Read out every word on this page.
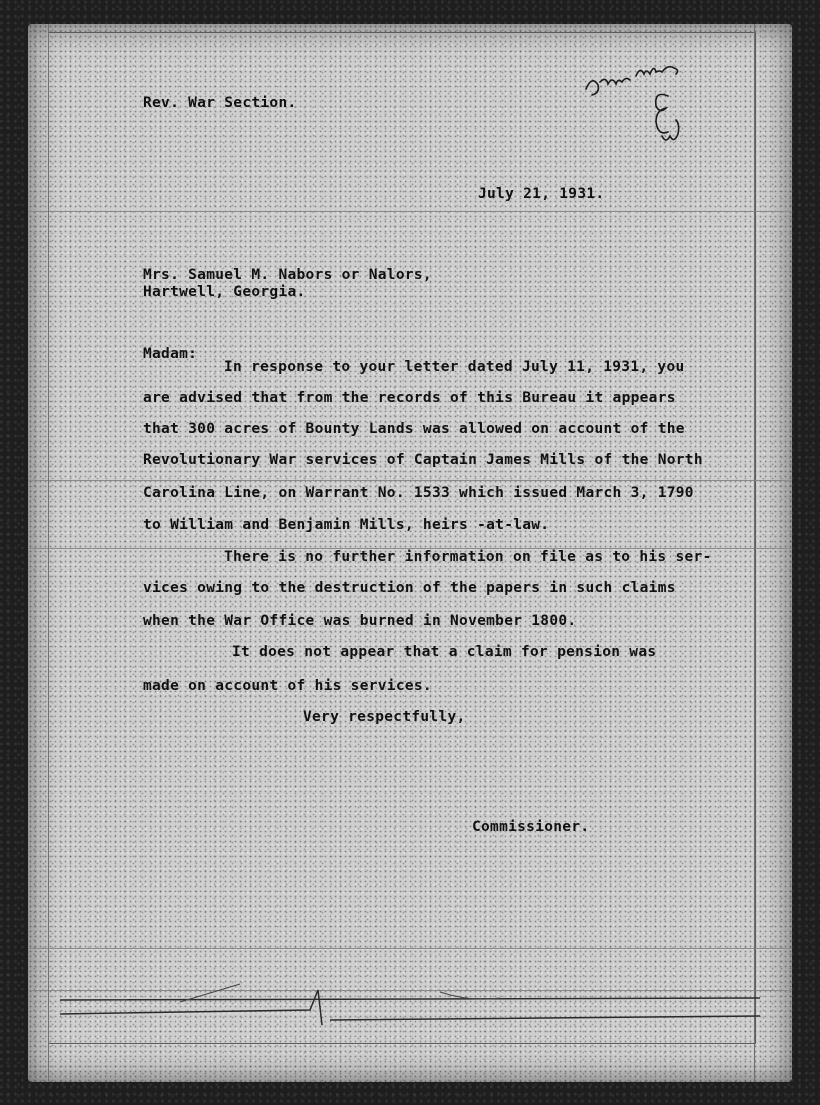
Rev. War Section.
July 21, 1931.
Mrs. Samuel M. Nabors or Nalors,
Hartwell, Georgia.
Madam:
In response to your letter dated July 11, 1931, you
are advised that from the records of this Bureau it appears
that 300 acres of Bounty Lands was allowed on account of the
Revolutionary War services of Captain James Mills of the North
Carolina Line, on Warrant No. 1533 which issued March 3, 1790
to William and Benjamin Mills, heirs -at-law.
There is no further information on file as to his ser-
vices owing to the destruction of the papers in such claims
when the War Office was burned in November 1800.
It does not appear that a claim for pension was
made on account of his services.
Very respectfully,
Commissioner.
